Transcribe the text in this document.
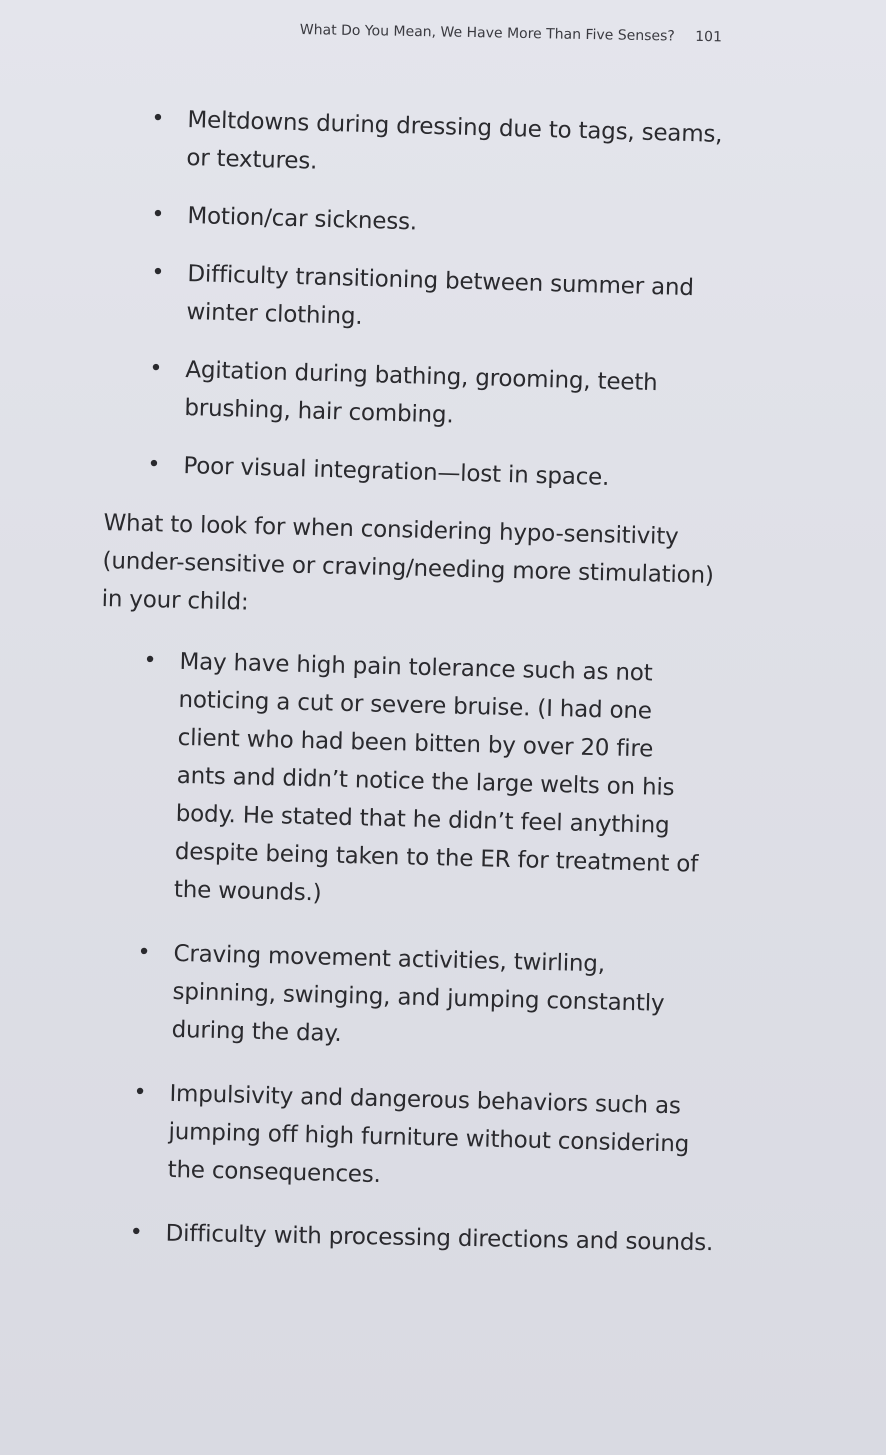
What Do You Mean, We Have More Than Five Senses? 101
• Meltdowns during dressing due to tags, seams, or textures.
• Motion/car sickness.
• Difficulty transitioning between summer and winter clothing.
• Agitation during bathing, grooming, teeth brushing, hair combing.
• Poor visual integration—lost in space.
What to look for when considering hypo-sensitivity (under-sensitive or craving/needing more stimulation) in your child:
• May have high pain tolerance such as not noticing a cut or severe bruise. (I had one client who had been bitten by over 20 fire ants and didn’t notice the large welts on his body. He stated that he didn’t feel anything despite being taken to the ER for treatment of the wounds.)
• Craving movement activities, twirling, spinning, swinging, and jumping constantly during the day.
• Impulsivity and dangerous behaviors such as jumping off high furniture without considering the consequences.
• Difficulty with processing directions and sounds.
